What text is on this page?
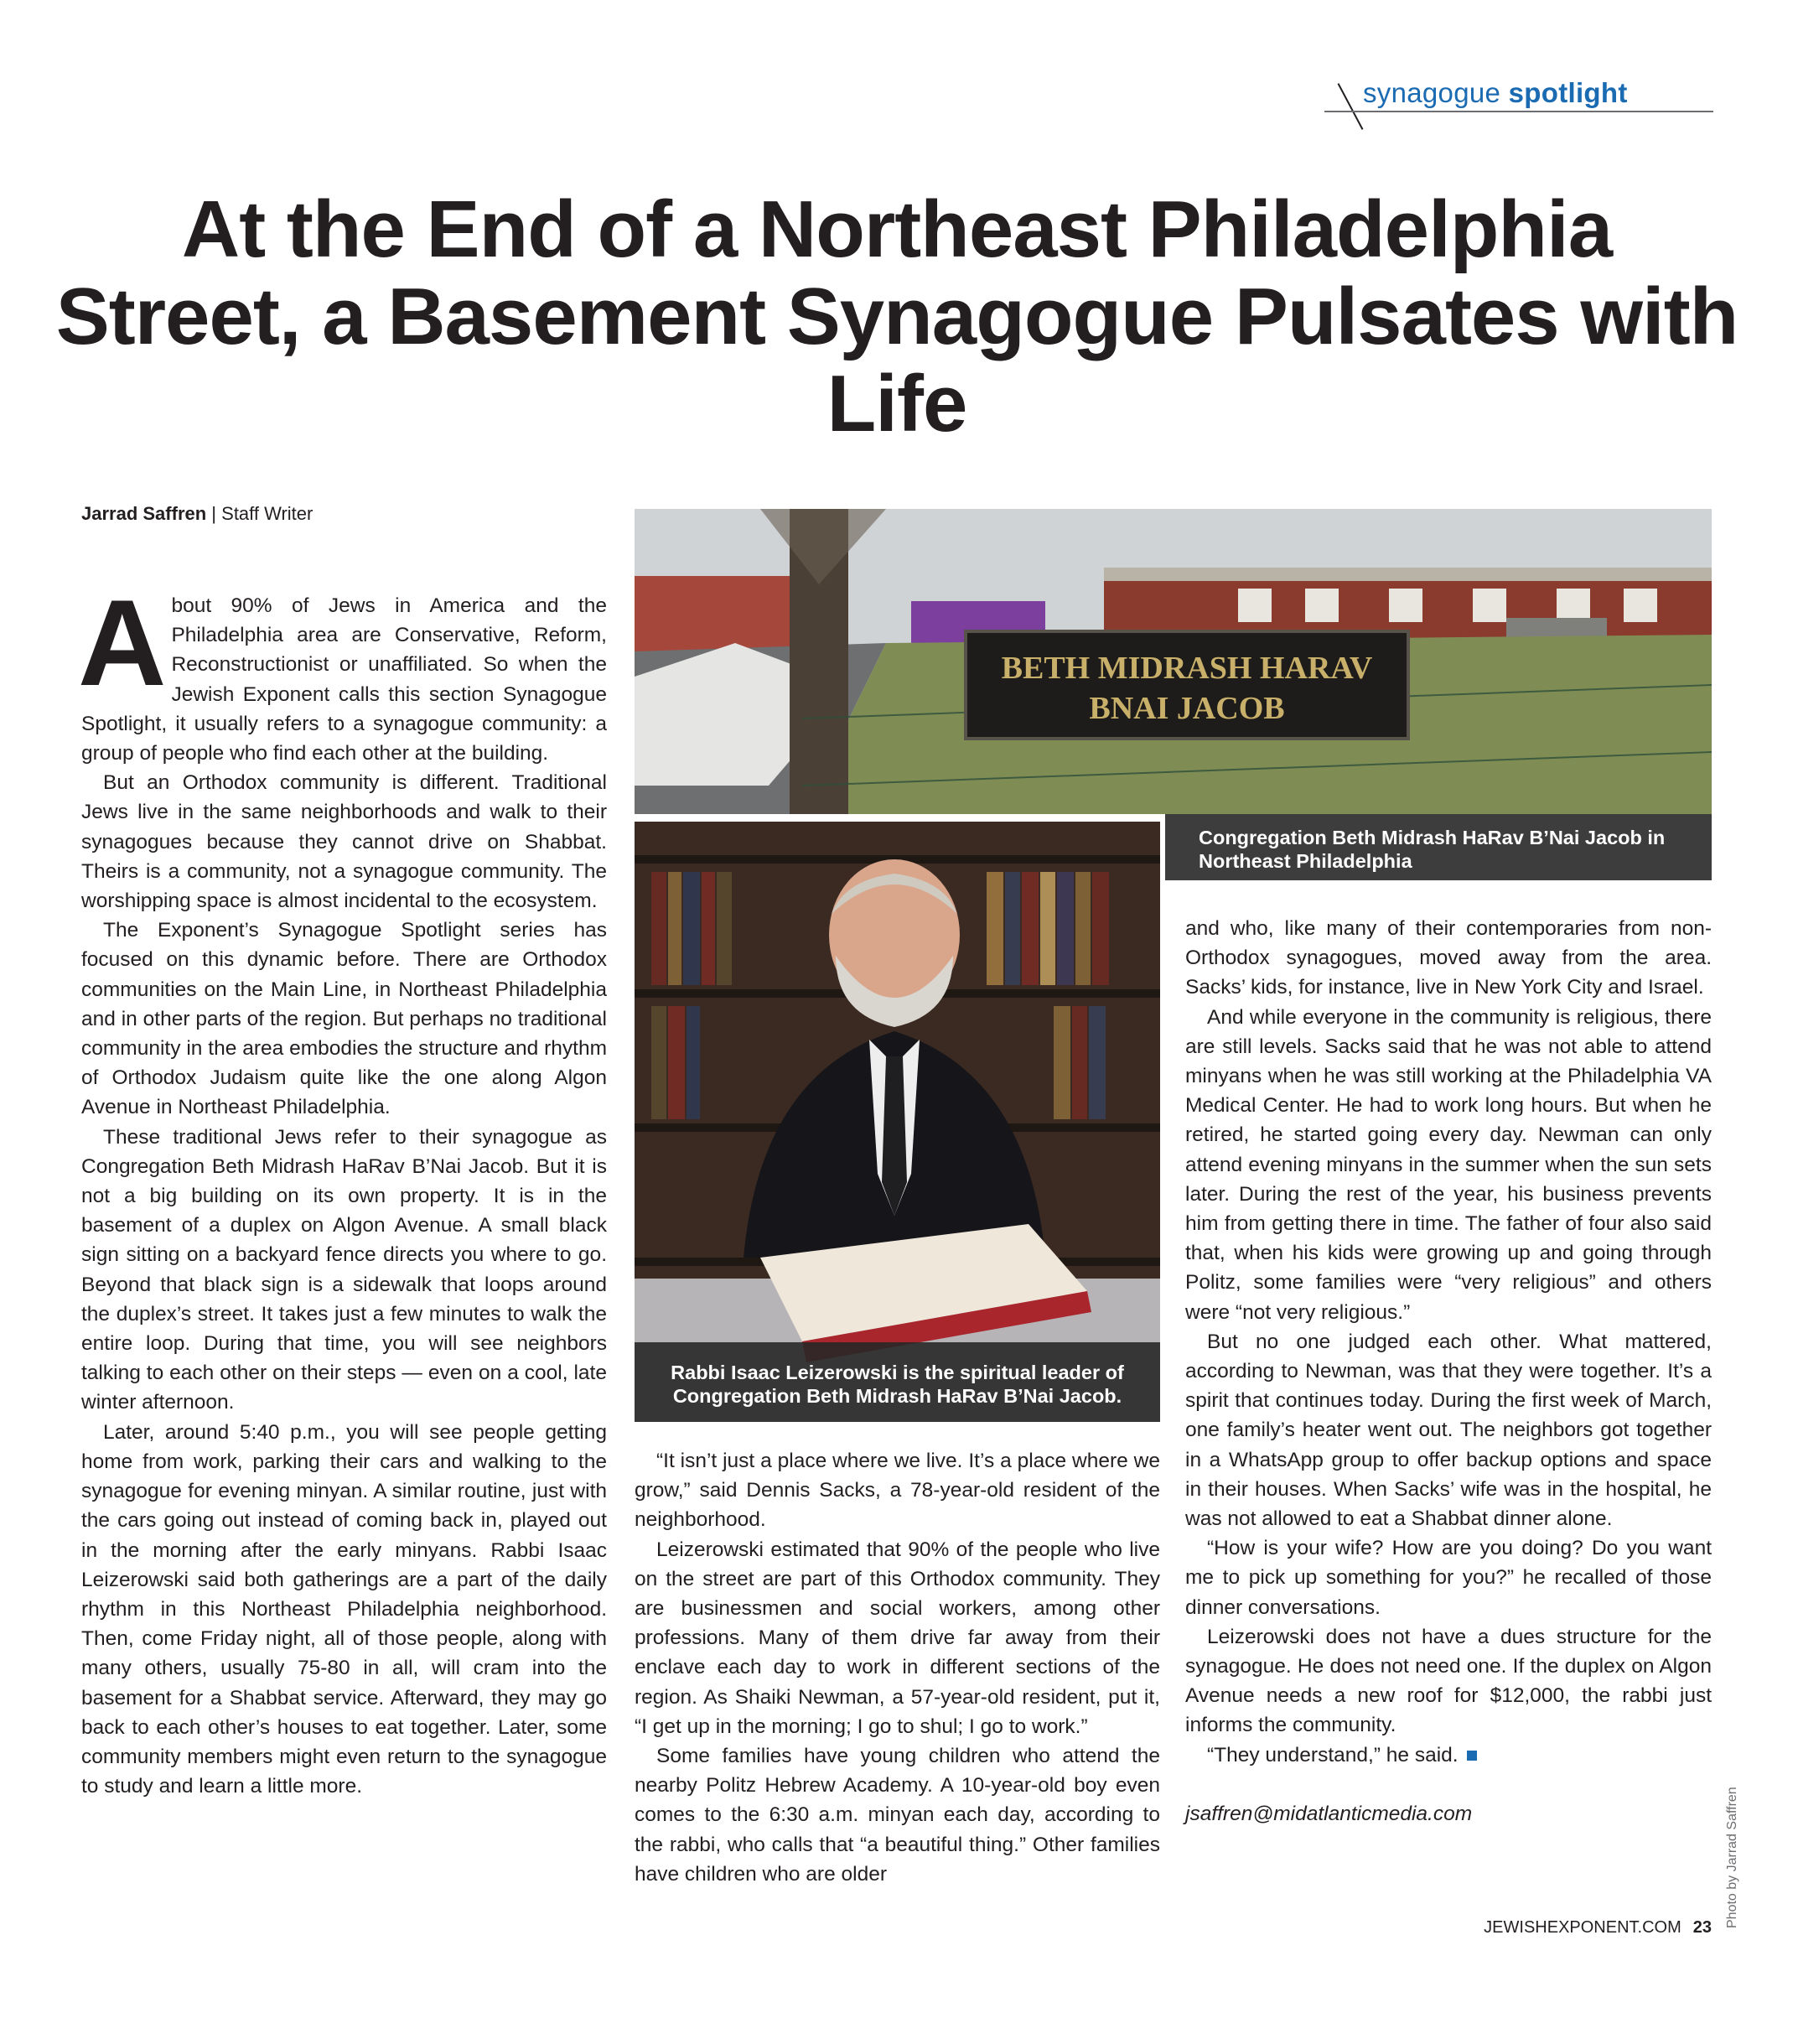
synagogue spotlight
At the End of a Northeast Philadelphia Street, a Basement Synagogue Pulsates with Life
Jarrad Saffren | Staff Writer
BETH MIDRASH HARAV
BNAI JACOB
Congregation Beth Midrash HaRav B’Nai Jacob in Northeast Philadelphia
Rabbi Isaac Leizerowski is the spiritual leader of Congregation Beth Midrash HaRav B’Nai Jacob.

About 90% of Jews in America and the Philadelphia area are Conservative, Reform, Reconstructionist or unaffiliated. So when the Jewish Exponent calls this section Synagogue Spotlight, it usually refers to a synagogue community: a group of people who find each other at the building.

But an Orthodox community is different. Traditional Jews live in the same neighborhoods and walk to their synagogues because they cannot drive on Shabbat. Theirs is a community, not a synagogue community. The worshipping space is almost incidental to the ecosystem.

The Exponent’s Synagogue Spotlight series has focused on this dynamic before. There are Orthodox communities on the Main Line, in Northeast Philadelphia and in other parts of the region. But perhaps no traditional community in the area embodies the structure and rhythm of Orthodox Judaism quite like the one along Algon Avenue in Northeast Philadelphia.

These traditional Jews refer to their synagogue as Congregation Beth Midrash HaRav B’Nai Jacob. But it is not a big building on its own property. It is in the basement of a duplex on Algon Avenue. A small black sign sitting on a backyard fence directs you where to go. Beyond that black sign is a sidewalk that loops around the duplex’s street. It takes just a few minutes to walk the entire loop. During that time, you will see neighbors talking to each other on their steps — even on a cool, late winter afternoon.

Later, around 5:40 p.m., you will see people getting home from work, parking their cars and walking to the synagogue for evening minyan. A similar routine, just with the cars going out instead of coming back in, played out in the morning after the early minyans. Rabbi Isaac Leizerowski said both gatherings are a part of the daily rhythm in this Northeast Philadelphia neighborhood. Then, come Friday night, all of those people, along with many others, usually 75-80 in all, will cram into the basement for a Shabbat service. Afterward, they may go back to each other’s houses to eat together. Later, some community members might even return to the synagogue to study and learn a little more.

“It isn’t just a place where we live. It’s a place where we grow,” said Dennis Sacks, a 78-year-old resident of the neighborhood.

Leizerowski estimated that 90% of the people who live on the street are part of this Orthodox community. They are businessmen and social workers, among other professions. Many of them drive far away from their enclave each day to work in different sections of the region. As Shaiki Newman, a 57-year-old resident, put it, “I get up in the morning; I go to shul; I go to work.”

Some families have young children who attend the nearby Politz Hebrew Academy. A 10-year-old boy even comes to the 6:30 a.m. minyan each day, according to the rabbi, who calls that “a beautiful thing.” Other families have children who are older

and who, like many of their contemporaries from non-Orthodox synagogues, moved away from the area. Sacks’ kids, for instance, live in New York City and Israel.

And while everyone in the community is religious, there are still levels. Sacks said that he was not able to attend minyans when he was still working at the Philadelphia VA Medical Center. He had to work long hours. But when he retired, he started going every day. Newman can only attend evening minyans in the summer when the sun sets later. During the rest of the year, his business prevents him from getting there in time. The father of four also said that, when his kids were growing up and going through Politz, some families were “very religious” and others were “not very religious.”

But no one judged each other. What mattered, according to Newman, was that they were together. It’s a spirit that continues today. During the first week of March, one family’s heater went out. The neighbors got together in a WhatsApp group to offer backup options and space in their houses. When Sacks’ wife was in the hospital, he was not allowed to eat a Shabbat dinner alone.

“How is your wife? How are you doing? Do you want me to pick up something for you?” he recalled of those dinner conversations.

Leizerowski does not have a dues structure for the synagogue. He does not need one. If the duplex on Algon Avenue needs a new roof for $12,000, the rabbi just informs the community.

“They understand,” he said.

jsaffren@midatlanticmedia.com	Photo by Jarrad Saffren
JEWISHEXPONENT.COM 23
